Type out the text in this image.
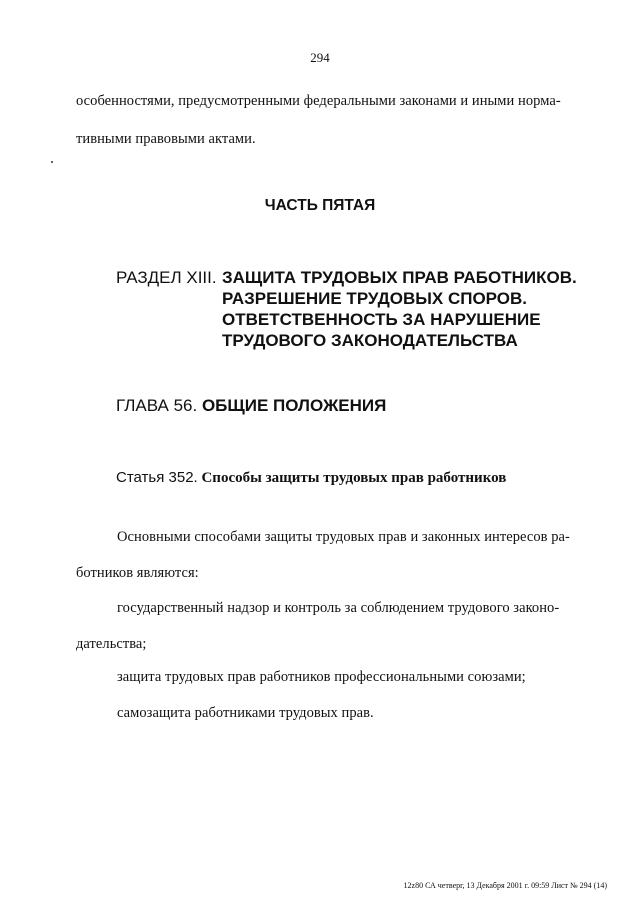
294
особенностями, предусмотренными федеральными законами и иными норма-
тивными правовыми актами.
ЧАСТЬ ПЯТАЯ
РАЗДЕЛ XIII. ЗАЩИТА ТРУДОВЫХ ПРАВ РАБОТНИКОВ.
РАЗРЕШЕНИЕ ТРУДОВЫХ СПОРОВ.
ОТВЕТСТВЕННОСТЬ ЗА НАРУШЕНИЕ
ТРУДОВОГО ЗАКОНОДАТЕЛЬСТВА
ГЛАВА 56. ОБЩИЕ ПОЛОЖЕНИЯ
Статья 352. Способы защиты трудовых прав работников
Основными способами защиты трудовых прав и законных интересов ра-
ботников являются:
государственный надзор и контроль за соблюдением трудового законо-
дательства;
защита трудовых прав работников профессиональными союзами;
самозащита работниками трудовых прав.
12z80 СА четверг, 13 Декабря 2001 г. 09:59 Лист № 294 (14)
